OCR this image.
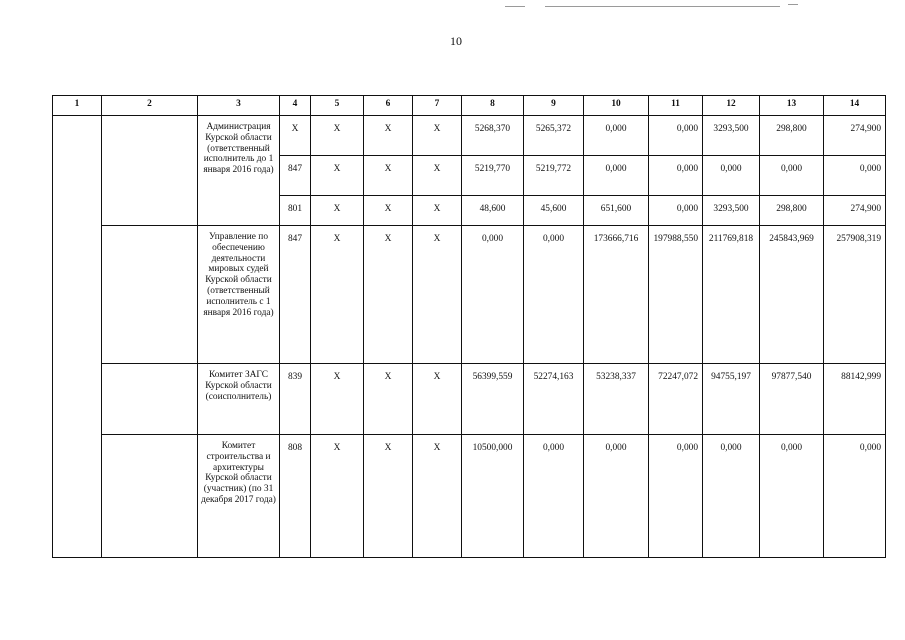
10
1	2	3	4	5	6	7	8	9	10	11	12	13	14
		Администрация Курской области (ответственный исполнитель до 1 января 2016 года)	X	X	X	X	5268,370	5265,372	0,000	0,000	3293,500	298,800	274,900
			847	X	X	X	5219,770	5219,772	0,000	0,000	0,000	0,000	0,000
			801	X	X	X	48,600	45,600	651,600	0,000	3293,500	298,800	274,900
		Управление по обеспечению деятельности мировых судей Курской области (ответственный исполнитель с 1 января 2016 года)	847	X	X	X	0,000	0,000	173666,716	197988,550	211769,818	245843,969	257908,319
		Комитет ЗАГС Курской области (соисполнитель)	839	X	X	X	56399,559	52274,163	53238,337	72247,072	94755,197	97877,540	88142,999
		Комитет строительства и архитектуры Курской области (участник) (по 31 декабря 2017 года)	808	X	X	X	10500,000	0,000	0,000	0,000	0,000	0,000	0,000
